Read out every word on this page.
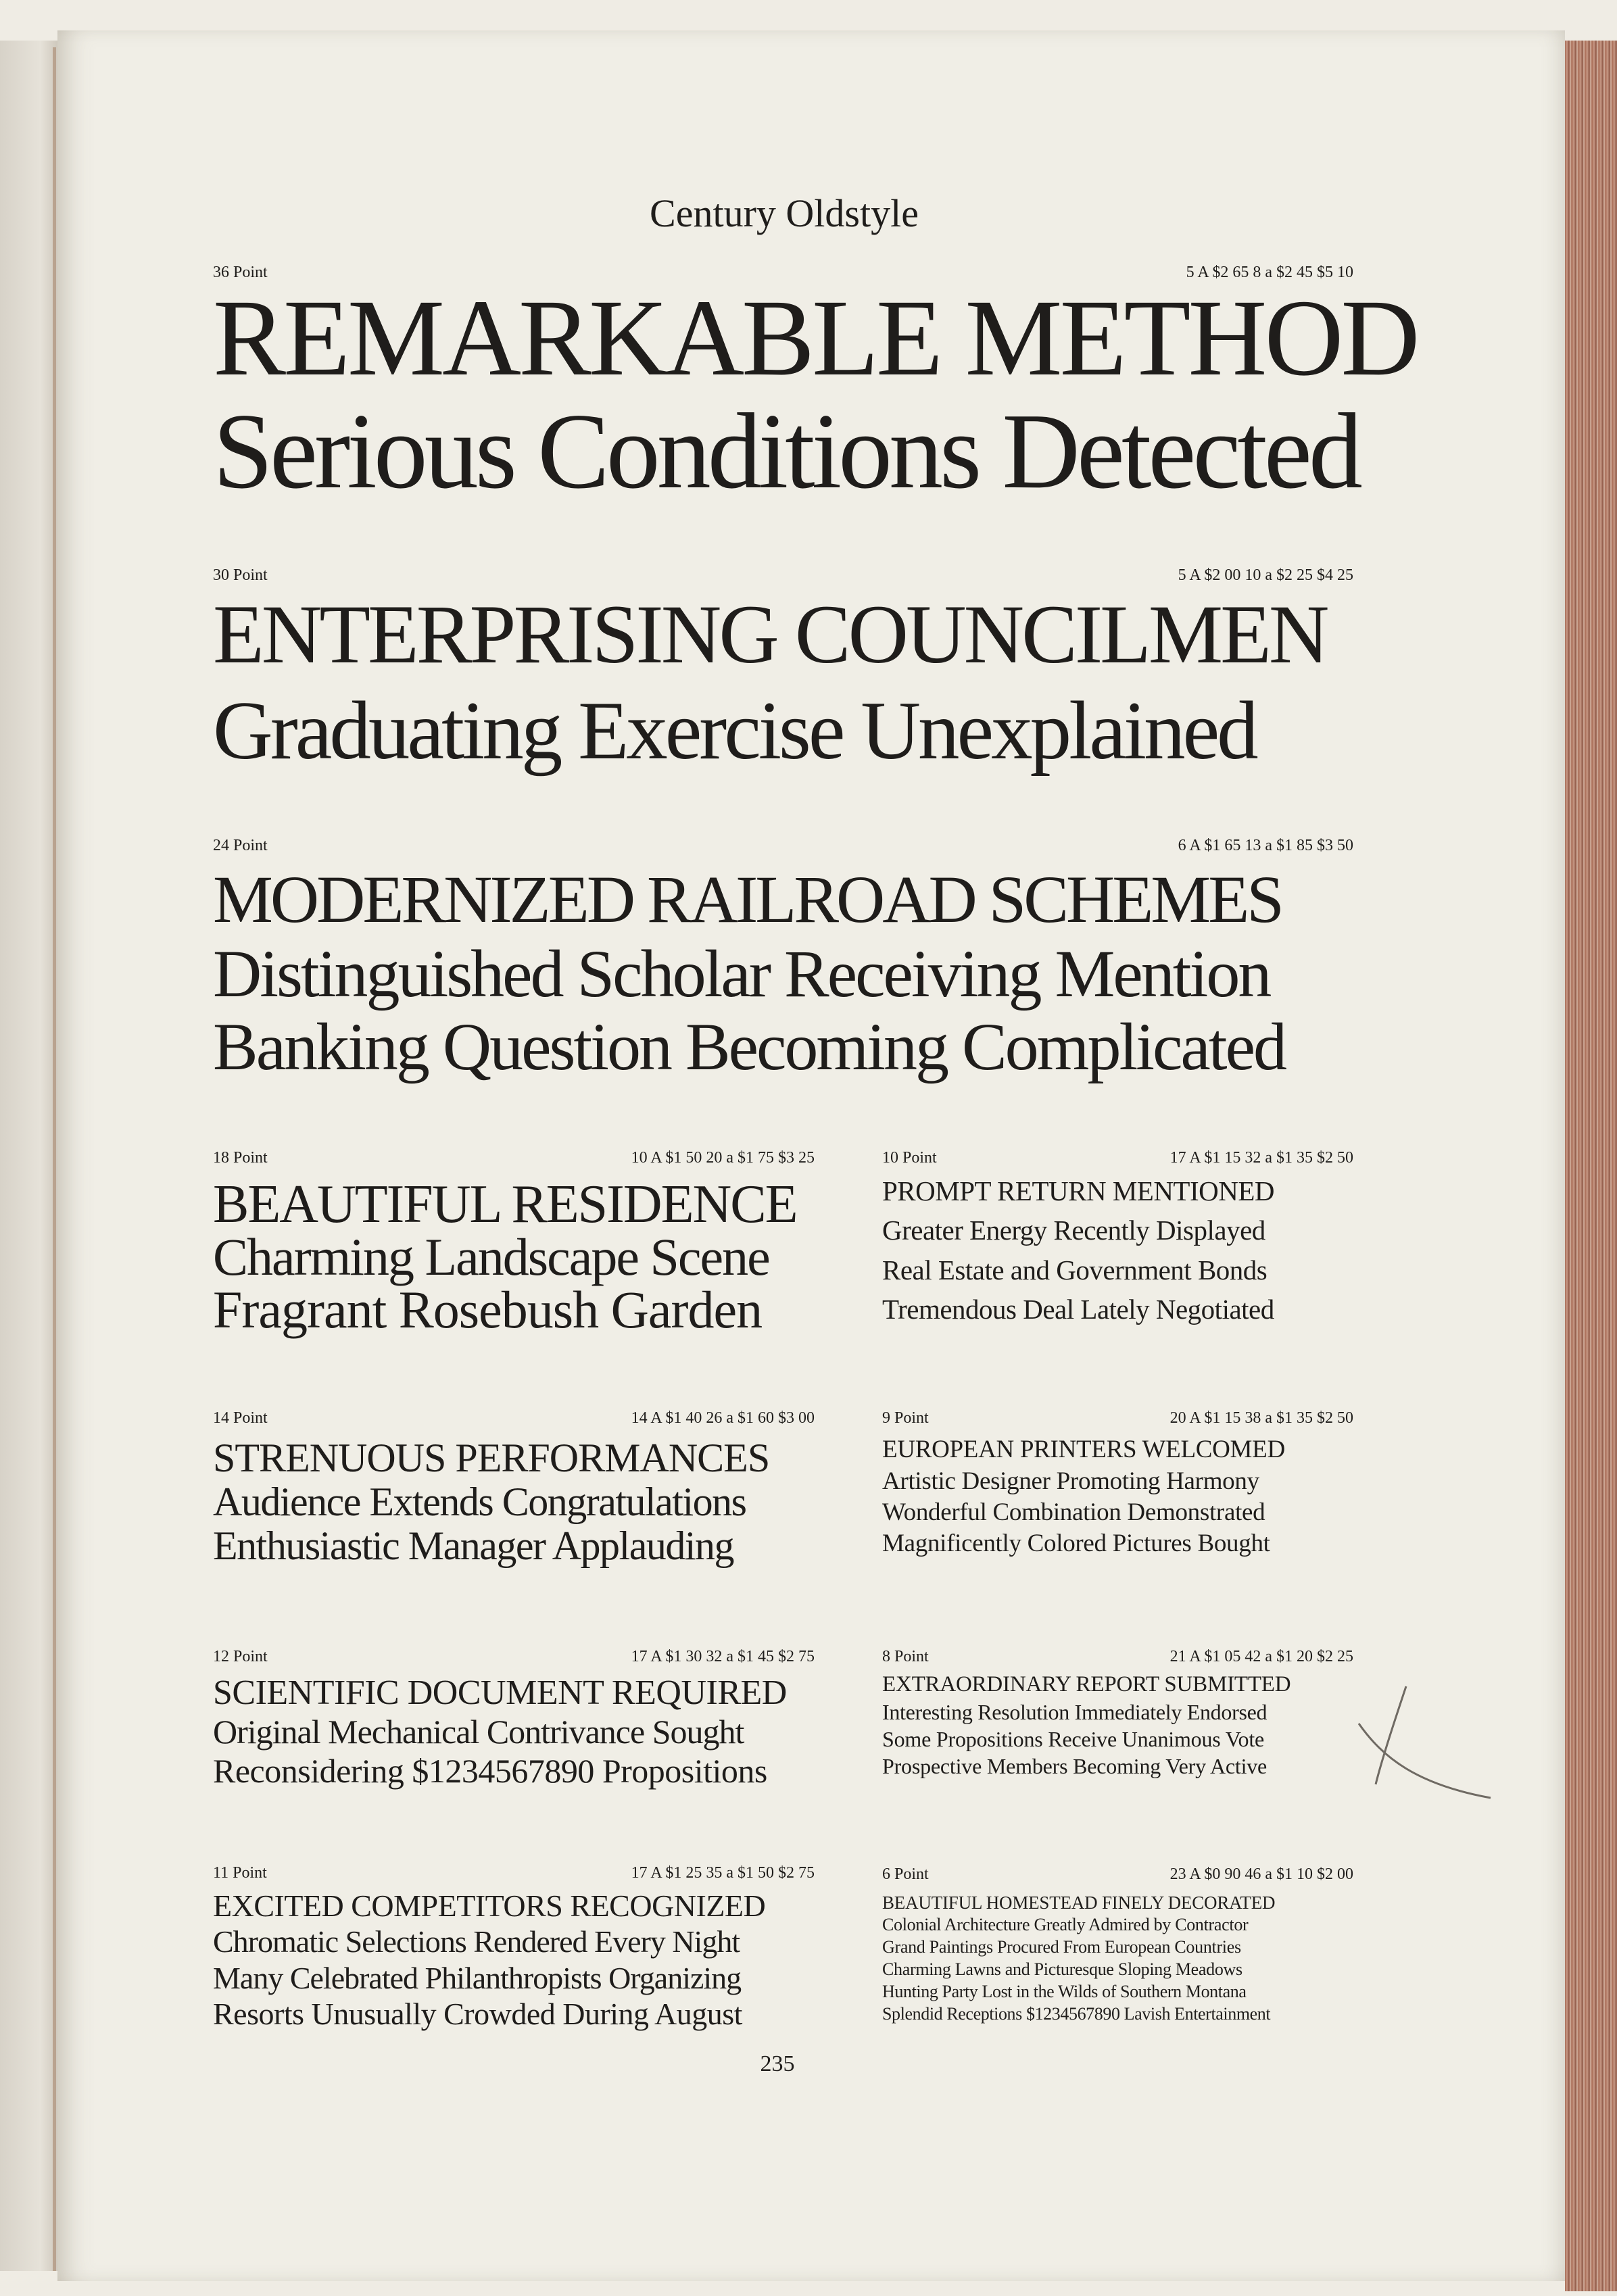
Century Oldstyle
36 Point	5 A $2 65 8 a $2 45 $5 10
REMARKABLE METHOD
Serious Conditions Detected
30 Point	5 A $2 00 10 a $2 25 $4 25
ENTERPRISING COUNCILMEN
Graduating Exercise Unexplained
24 Point	6 A $1 65 13 a $1 85 $3 50
MODERNIZED RAILROAD SCHEMES
Distinguished Scholar Receiving Mention
Banking Question Becoming Complicated
18 Point	10 A $1 50 20 a $1 75 $3 25
BEAUTIFUL RESIDENCE
Charming Landscape Scene
Fragrant Rosebush Garden
14 Point	14 A $1 40 26 a $1 60 $3 00
STRENUOUS PERFORMANCES
Audience Extends Congratulations
Enthusiastic Manager Applauding
12 Point	17 A $1 30 32 a $1 45 $2 75
SCIENTIFIC DOCUMENT REQUIRED
Original Mechanical Contrivance Sought
Reconsidering $1234567890 Propositions
11 Point	17 A $1 25 35 a $1 50 $2 75
EXCITED COMPETITORS RECOGNIZED
Chromatic Selections Rendered Every Night
Many Celebrated Philanthropists Organizing
Resorts Unusually Crowded During August
10 Point	17 A $1 15 32 a $1 35 $2 50
PROMPT RETURN MENTIONED
Greater Energy Recently Displayed
Real Estate and Government Bonds
Tremendous Deal Lately Negotiated
9 Point	20 A $1 15 38 a $1 35 $2 50
EUROPEAN PRINTERS WELCOMED
Artistic Designer Promoting Harmony
Wonderful Combination Demonstrated
Magnificently Colored Pictures Bought
8 Point	21 A $1 05 42 a $1 20 $2 25
EXTRAORDINARY REPORT SUBMITTED
Interesting Resolution Immediately Endorsed
Some Propositions Receive Unanimous Vote
Prospective Members Becoming Very Active
6 Point	23 A $0 90 46 a $1 10 $2 00
BEAUTIFUL HOMESTEAD FINELY DECORATED
Colonial Architecture Greatly Admired by Contractor
Grand Paintings Procured From European Countries
Charming Lawns and Picturesque Sloping Meadows
Hunting Party Lost in the Wilds of Southern Montana
Splendid Receptions $1234567890 Lavish Entertainment
235
